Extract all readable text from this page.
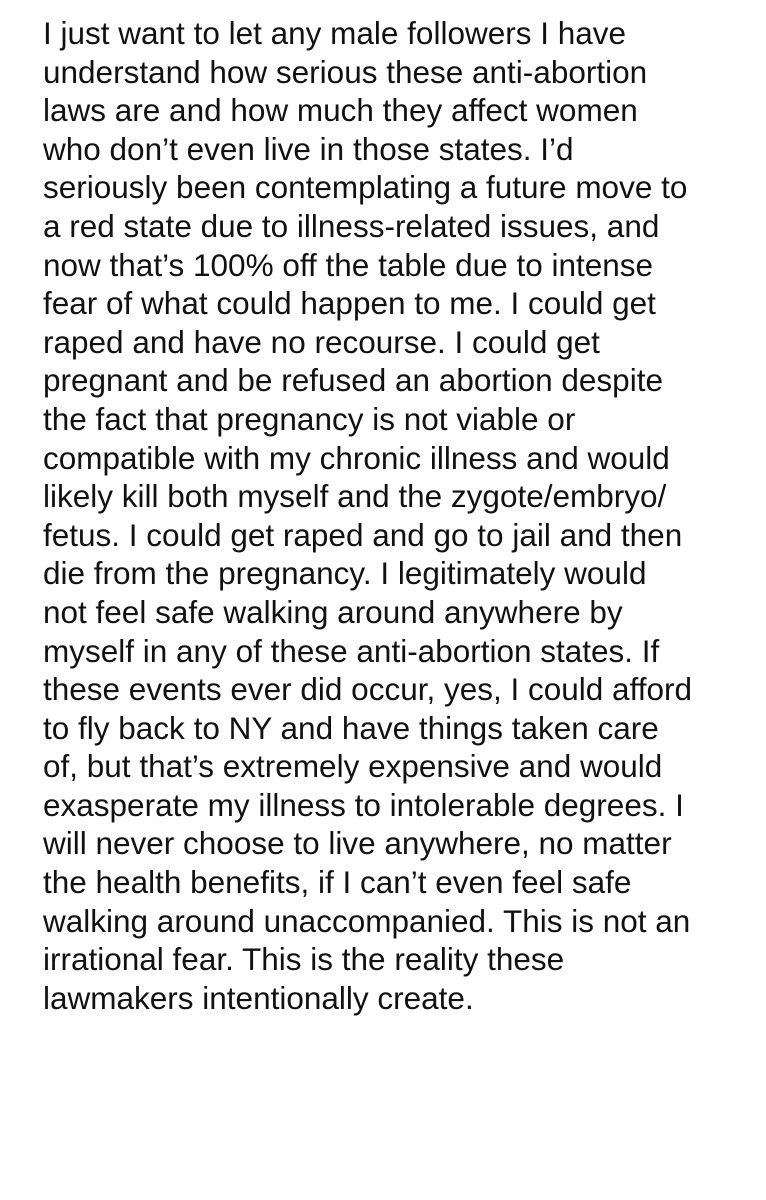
I just want to let any male followers I have
understand how serious these anti-abortion
laws are and how much they affect women
who don’t even live in those states. I’d
seriously been contemplating a future move to
a red state due to illness-related issues, and
now that’s 100% off the table due to intense
fear of what could happen to me. I could get
raped and have no recourse. I could get
pregnant and be refused an abortion despite
the fact that pregnancy is not viable or
compatible with my chronic illness and would
likely kill both myself and the zygote/embryo/
fetus. I could get raped and go to jail and then
die from the pregnancy. I legitimately would
not feel safe walking around anywhere by
myself in any of these anti-abortion states. If
these events ever did occur, yes, I could afford
to fly back to NY and have things taken care
of, but that’s extremely expensive and would
exasperate my illness to intolerable degrees. I
will never choose to live anywhere, no matter
the health benefits, if I can’t even feel safe
walking around unaccompanied. This is not an
irrational fear. This is the reality these
lawmakers intentionally create.
